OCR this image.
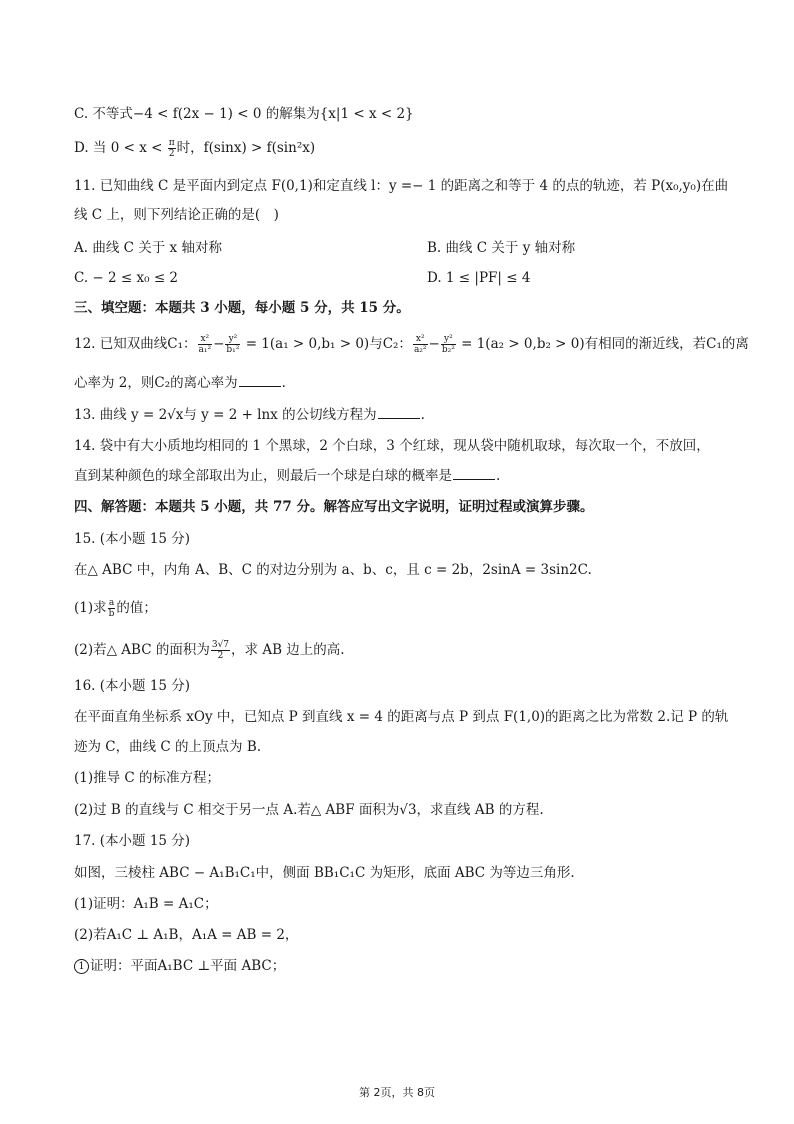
C. 不等式−4 < f(2x − 1) < 0 的解集为{x|1 < x < 2}
D. 当 $0 < x < \frac{\pi}{2}$ 时，f(sinx) > f(sin²x)
11. 已知曲线 C 是平面内到定点 F(0,1)和定直线 l：y =− 1 的距离之和等于 4 的点的轨迹，若 P(x₀,y₀)在曲
线 C 上，则下列结论正确的是(　)
A. 曲线 C 关于 x 轴对称	B. 曲线 C 关于 y 轴对称
C. − 2 ≤ x₀ ≤ 2	D. 1 ≤ |PF| ≤ 4
三、填空题：本题共 3 小题，每小题 5 分，共 15 分。
12. 已知双曲线C₁： $\frac{\text{x²}}{\text{a₁²}} - \frac{\text{y²}}{\text{b₁²}} = 1(a_1 > 0,b_1 > 0)$与C₂： $\frac{\text{x²}}{\text{a₂²}} - \frac{\text{y²}}{\text{b₂²}} = 1(a_2 > 0,b_2 > 0)$有相同的渐近线，若C₁的离
心率为 2，则C₂的离心率为	.
13. 曲线 y = 2√x与 y = 2 + lnx 的公切线方程为	.
14. 袋中有大小质地均相同的 1 个黑球，2 个白球，3 个红球，现从袋中随机取球，每次取一个，不放回，
直到某种颜色的球全部取出为止，则最后一个球是白球的概率是	.
四、解答题：本题共 5 小题，共 77 分。解答应写出文字说明，证明过程或演算步骤。
15. (本小题 15 分)
在△ ABC 中，内角 A、B、C 的对边分别为 a、b、c，且 c = 2b，2sinA = 3sin2C.
(1)求 $\frac{a}{b}$ 的值；
(2)若△ ABC 的面积为 $\frac{3√7}{2}$ ，求 AB 边上的高.
16. (本小题 15 分)
在平面直角坐标系 xOy 中，已知点 P 到直线 x = 4 的距离与点 P 到点 F(1,0)的距离之比为常数 2.记 P 的轨
迹为 C，曲线 C 的上顶点为 B.
(1)推导 C 的标准方程；
(2)过 B 的直线与 C 相交于另一点 A.若△ ABF 面积为√3，求直线 AB 的方程.
17. (本小题 15 分)
如图，三棱柱 ABC − A₁B₁C₁中，侧面 BB₁C₁C 为矩形，底面 ABC 为等边三角形.
(1)证明：A₁B = A₁C；
(2)若A₁C ⊥ A₁B，A₁A = AB = 2，
1 证明：平面A₁BC ⊥平面 ABC；
第 2页，共 8页
